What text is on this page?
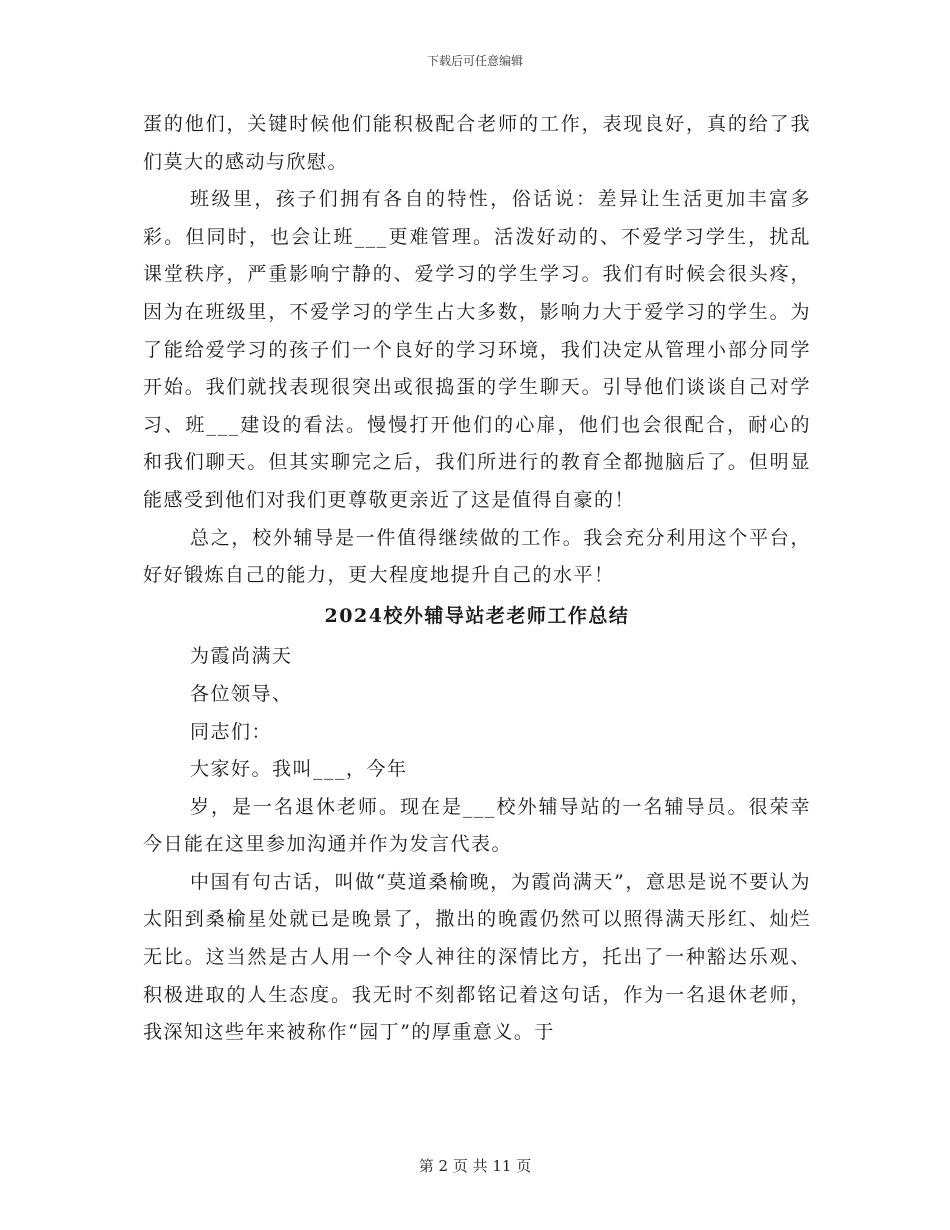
下载后可任意编辑

蛋的他们，关键时候他们能积极配合老师的工作，表现良好，真的给了我们莫大的感动与欣慰。

班级里，孩子们拥有各自的特性，俗话说：差异让生活更加丰富多彩。但同时，也会让班___更难管理。活泼好动的、不爱学习学生，扰乱课堂秩序，严重影响宁静的、爱学习的学生学习。我们有时候会很头疼，因为在班级里，不爱学习的学生占大多数，影响力大于爱学习的学生。为了能给爱学习的孩子们一个良好的学习环境，我们决定从管理小部分同学开始。我们就找表现很突出或很捣蛋的学生聊天。引导他们谈谈自己对学习、班___建设的看法。慢慢打开他们的心扉，他们也会很配合，耐心的和我们聊天。但其实聊完之后，我们所进行的教育全都抛脑后了。但明显能感受到他们对我们更尊敬更亲近了这是值得自豪的！

总之，校外辅导是一件值得继续做的工作。我会充分利用这个平台，好好锻炼自己的能力，更大程度地提升自己的水平！

2024校外辅导站老老师工作总结

为霞尚满天

各位领导、

同志们：

大家好。我叫___，今年

岁，是一名退休老师。现在是___校外辅导站的一名辅导员。很荣幸今日能在这里参加沟通并作为发言代表。

中国有句古话，叫做“莫道桑榆晚，为霞尚满天”，意思是说不要认为太阳到桑榆星处就已是晚景了，撒出的晚霞仍然可以照得满天彤红、灿烂无比。这当然是古人用一个令人神往的深情比方，托出了一种豁达乐观、积极进取的人生态度。我无时不刻都铭记着这句话，作为一名退休老师，我深知这些年来被称作“园丁”的厚重意义。于

第 2 页 共 11 页
